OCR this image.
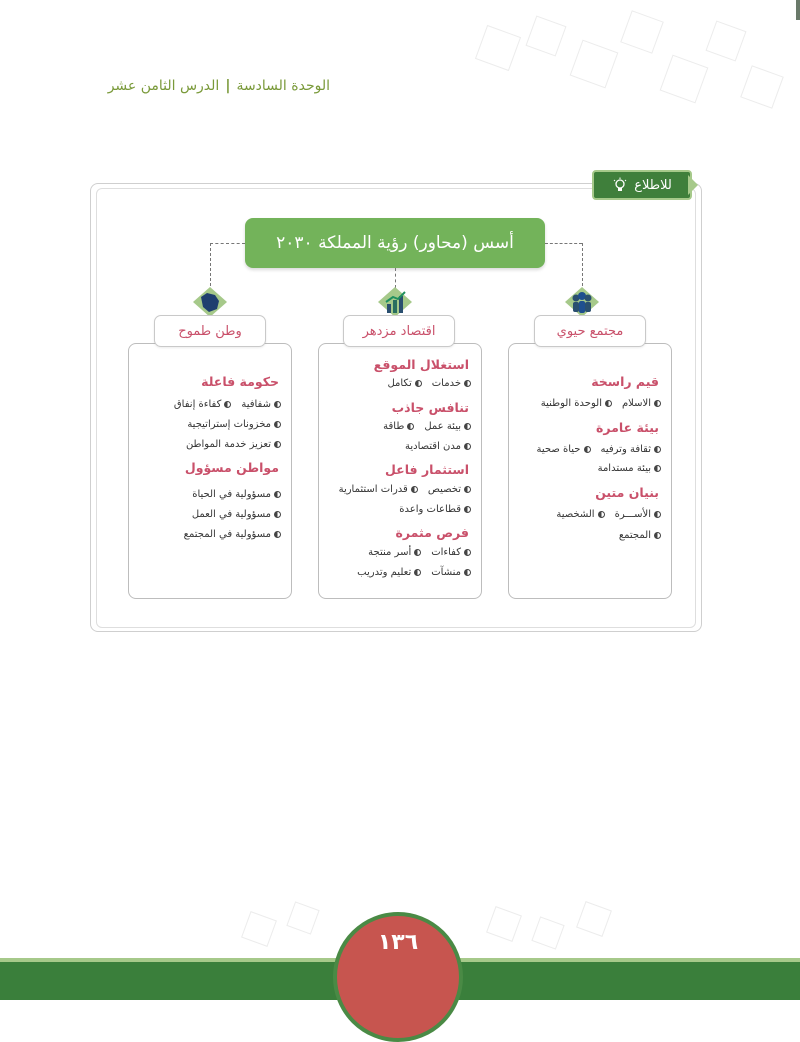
الوحدة السادسة|الدرس الثامن عشر
للاطلاع
أسس (محاور) رؤية المملكة ٢٠٣٠
قيم راسخة
الاسلام
الوحدة الوطنية
بيئة عامرة
ثقافة وترفيه
حياة صحية
بيئة مستدامة
بنيان متين
الأســـرة
الشخصية
المجتمع
مجتمع حيوي
استغلال الموقع
خدمات
تكامل
تنافس جاذب
بيئة عمل
طاقة
مدن اقتصادية
استثمار فاعل
تخصيص
قدرات استثمارية
قطاعات واعدة
فرص مثمرة
كفاءات
أسر منتجة
منشآت
تعليم وتدريب
اقتصاد مزدهر
حكومة فاعلة
شفافية
كفاءة إنفاق
مخزونات إستراتيجية
تعزيز خدمة المواطن
مواطن مسؤول
مسؤولية في الحياة
مسؤولية في العمل
مسؤولية في المجتمع
وطن طموح
١٣٦
